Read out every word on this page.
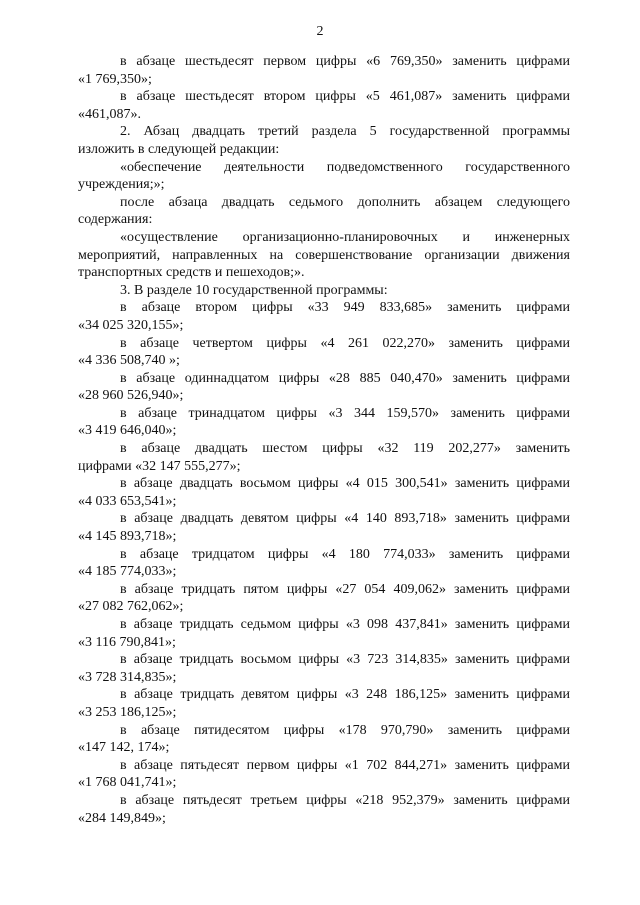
2
в абзаце шестьдесят первом цифры «6 769,350» заменить цифрами
«1 769,350»;
в абзаце шестьдесят втором цифры «5 461,087» заменить цифрами
«461,087».
2. Абзац двадцать третий раздела 5 государственной программы
изложить в следующей редакции:
«обеспечение деятельности подведомственного государственного
учреждения;»;
после абзаца двадцать седьмого дополнить абзацем следующего
содержания:
«осуществление организационно-планировочных и инженерных
мероприятий, направленных на совершенствование организации движения
транспортных средств и пешеходов;».
3. В разделе 10 государственной программы:
в абзаце втором цифры «33 949 833,685» заменить цифрами
«34 025 320,155»;
в абзаце четвертом цифры «4 261 022,270» заменить цифрами
«4 336 508,740 »;
в абзаце одиннадцатом цифры «28 885 040,470» заменить цифрами
«28 960 526,940»;
в абзаце тринадцатом цифры «3 344 159,570» заменить цифрами
«3 419 646,040»;
в абзаце двадцать шестом цифры «32 119 202,277» заменить
цифрами «32 147 555,277»;
в абзаце двадцать восьмом цифры «4 015 300,541» заменить цифрами
«4 033 653,541»;
в абзаце двадцать девятом цифры «4 140 893,718» заменить цифрами
«4 145 893,718»;
в абзаце тридцатом цифры «4 180 774,033» заменить цифрами
«4 185 774,033»;
в абзаце тридцать пятом цифры «27 054 409,062» заменить цифрами
«27 082 762,062»;
в абзаце тридцать седьмом цифры «3 098 437,841» заменить цифрами
«3 116 790,841»;
в абзаце тридцать восьмом цифры «3 723 314,835» заменить цифрами
«3 728 314,835»;
в абзаце тридцать девятом цифры «3 248 186,125» заменить цифрами
«3 253 186,125»;
в абзаце пятидесятом цифры «178 970,790» заменить цифрами
«147 142, 174»;
в абзаце пятьдесят первом цифры «1 702 844,271» заменить цифрами
«1 768 041,741»;
в абзаце пятьдесят третьем цифры «218 952,379» заменить цифрами
«284 149,849»;
